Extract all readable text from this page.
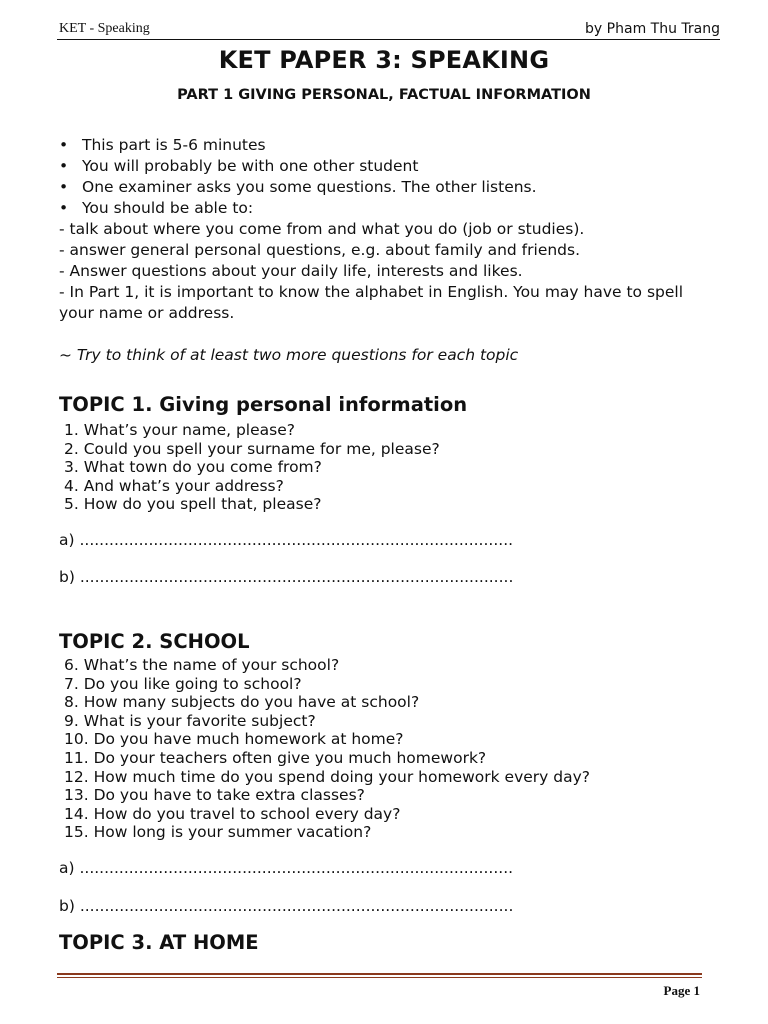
KET - Speaking	by Pham Thu Trang
KET PAPER 3: SPEAKING
PART 1 GIVING PERSONAL, FACTUAL INFORMATION
• This part is 5-6 minutes
• You will probably be with one other student
• One examiner asks you some questions. The other listens.
• You should be able to:
- talk about where you come from and what you do (job or studies).
- answer general personal questions, e.g. about family and friends.
- Answer questions about your daily life, interests and likes.
- In Part 1, it is important to know the alphabet in English. You may have to spell your name or address.
~ Try to think of at least two more questions for each topic
TOPIC 1. Giving personal information
1. What’s your name, please?
2. Could you spell your surname for me, please?
3. What town do you come from?
4. And what’s your address?
5. How do you spell that, please?
a) ........................................................................................
b) ........................................................................................
TOPIC 2. SCHOOL
6. What’s the name of your school?
7. Do you like going to school?
8. How many subjects do you have at school?
9. What is your favorite subject?
10. Do you have much homework at home?
11. Do your teachers often give you much homework?
12. How much time do you spend doing your homework every day?
13. Do you have to take extra classes?
14. How do you travel to school every day?
15. How long is your summer vacation?
a) ........................................................................................
b) ........................................................................................
TOPIC 3. AT HOME
Page 1
